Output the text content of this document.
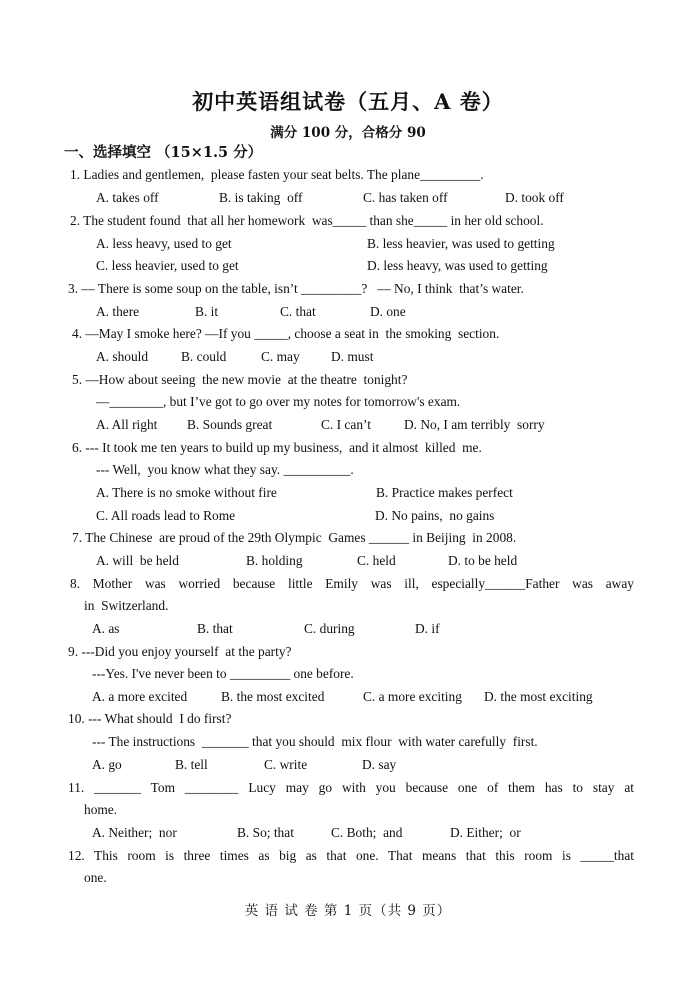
初中英语组试卷（五月、A 卷）
满分 100 分，合格分 90
一、选择填空 （15×1.5 分）
1. Ladies and gentlemen,  please fasten your seat belts. The plane_________.
A. takes off	B. is taking  off	C. has taken off	D. took off
2. The student found  that all her homework  was_____ than she_____ in her old school.
A. less heavy, used to get	B. less heavier, was used to getting
C. less heavier, used to get	D. less heavy, was used to getting
3. — There is some soup on the table, isn’t _________?   — No, I think  that’s water.
A. there	B. it	C. that	D. one
4. —May I smoke here? —If you _____, choose a seat in  the smoking  section.
A. should B. could	C. may D. must
5. —How about seeing  the new movie  at the theatre  tonight?
—________, but I’ve got to go over my notes for tomorrow's exam.
A. All right B. Sounds great	C. I can’t D. No, I am terribly  sorry
6. --- It took me ten years to build up my business,  and it almost  killed  me.
--- Well,  you know what they say. __________.
A. There is no smoke without fire	B. Practice makes perfect
C. All roads lead to Rome	D. No pains,  no gains
7. The Chinese  are proud of the 29th Olympic  Games ______ in Beijing  in 2008.
A. will  be held	B. holding	C. held	D. to be held
8. Mother was worried because little Emily was ill, especially______Father was away
in  Switzerland.
A. as	B. that	C. during	D. if
9. ---Did you enjoy yourself  at the party?
---Yes. I've never been to _________ one before.
A. a more excited	B. the most excited	C. a more exciting D. the most exciting
10. --- What should  I do first?
--- The instructions  _______ that you should  mix flour  with water carefully  first.
A. go	B. tell	C. write	D. say
11. _______ Tom ________ Lucy may go with you because one of them has to stay at
home.
A. Neither;  nor	B. So; that	C. Both;  and	D. Either;  or
12. This room is three times as big as that one. That means that this room is _____that
one.
英 语 试 卷 第 1 页（共 9 页）
